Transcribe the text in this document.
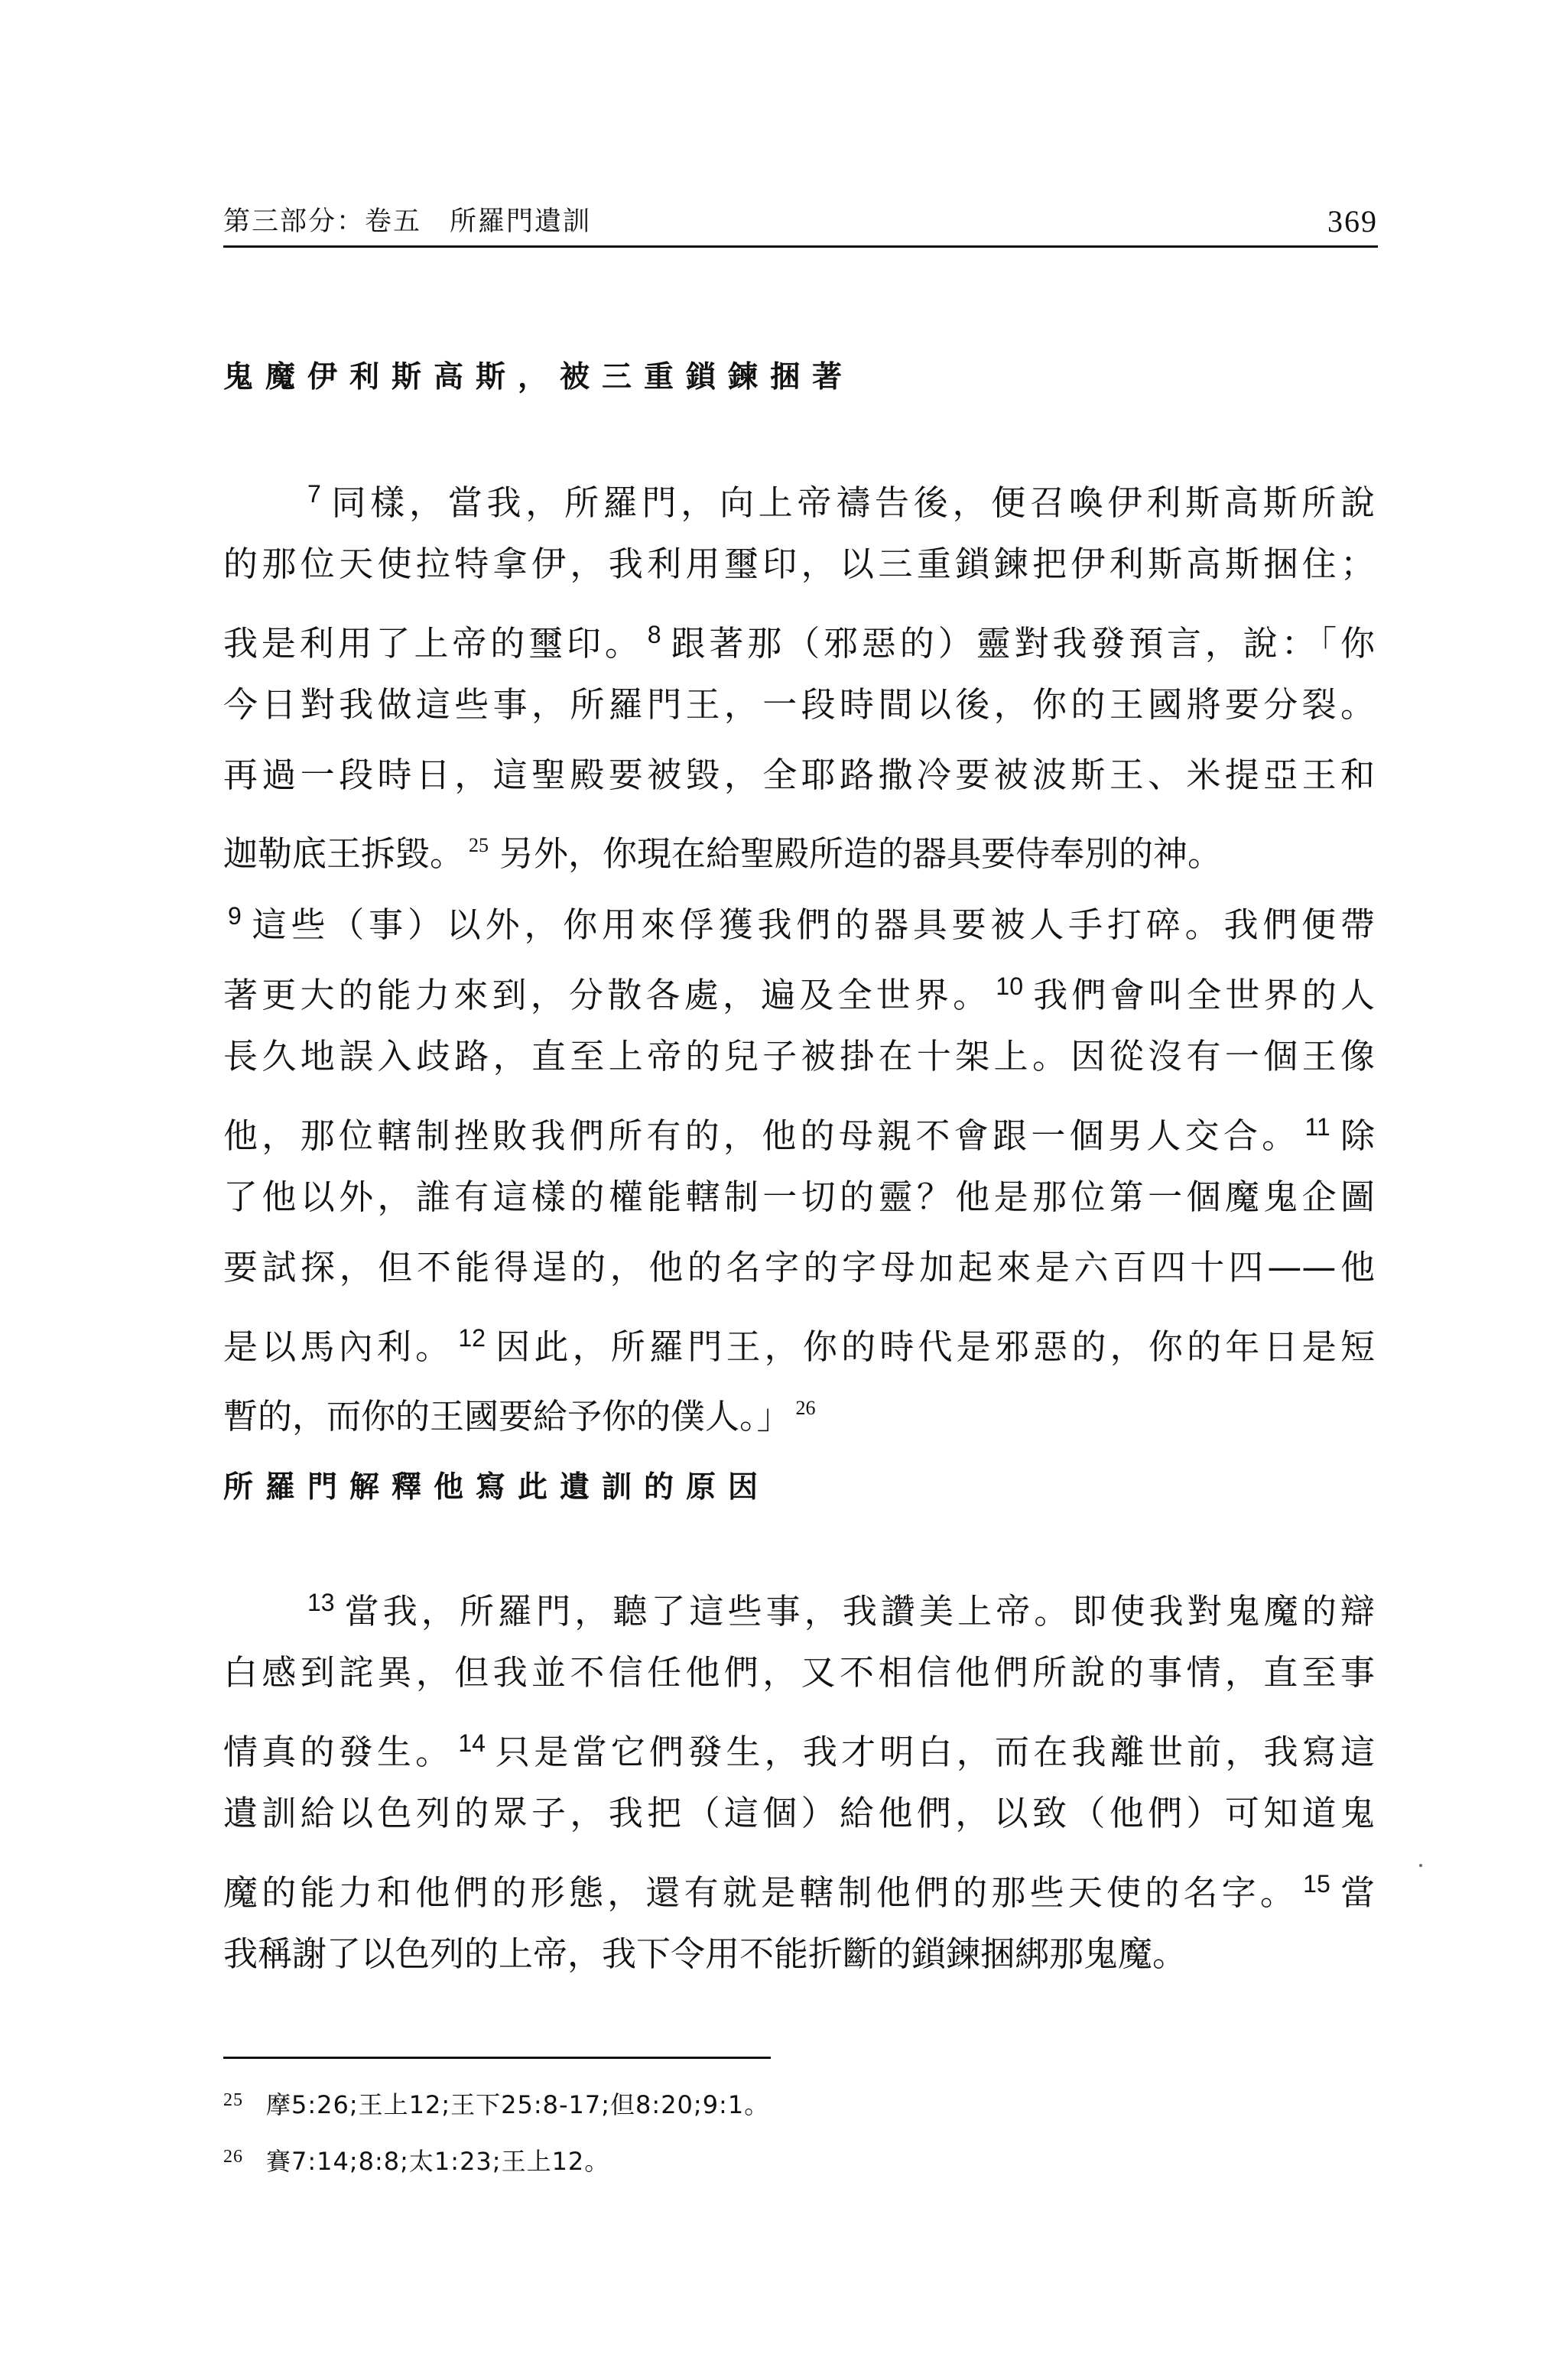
第三部分：卷五　所羅門遺訓	369
鬼魔伊利斯高斯，被三重鎖鍊捆著
$^7$ 同樣，當我，所羅門，向上帝禱告後，便召喚伊利斯高斯所說
的那位天使拉特拿伊，我利用璽印，以三重鎖鍊把伊利斯高斯捆住；
我是利用了上帝的璽印。 $^8$ 跟著那（邪惡的）靈對我發預言，說：「你
今日對我做這些事，所羅門王，一段時間以後，你的王國將要分裂。
再過一段時日，這聖殿要被毀，全耶路撒冷要被波斯王、米提亞王和
迦勒底王拆毀。 $^{25}$ 另外，你現在給聖殿所造的器具要侍奉別的神。
$^9$ 這些（事）以外，你用來俘獲我們的器具要被人手打碎。我們便帶
著更大的能力來到，分散各處，遍及全世界。 $^{10}$ 我們會叫全世界的人
長久地誤入歧路，直至上帝的兒子被掛在十架上。因從沒有一個王像
他，那位轄制挫敗我們所有的，他的母親不會跟一個男人交合。 $^{11}$ 除
了他以外，誰有這樣的權能轄制一切的靈？他是那位第一個魔鬼企圖
要試探，但不能得逞的，他的名字的字母加起來是六百四十四——他
是以馬內利。 $^{12}$ 因此，所羅門王，你的時代是邪惡的，你的年日是短
暫的，而你的王國要給予你的僕人。」 $^{26}$
所羅門解釋他寫此遺訓的原因
$^{13}$ 當我，所羅門，聽了這些事，我讚美上帝。即使我對鬼魔的辯
白感到詫異，但我並不信任他們，又不相信他們所說的事情，直至事
情真的發生。 $^{14}$ 只是當它們發生，我才明白，而在我離世前，我寫這
遺訓給以色列的眾子，我把（這個）給他們，以致（他們）可知道鬼
魔的能力和他們的形態，還有就是轄制他們的那些天使的名字。 $^{15}$ 當
我稱謝了以色列的上帝，我下令用不能折斷的鎖鍊捆綁那鬼魔。
25 摩5:26;王上12;王下25:8-17;但8:20;9:1。
26 賽7:14;8:8;太1:23;王上12。
